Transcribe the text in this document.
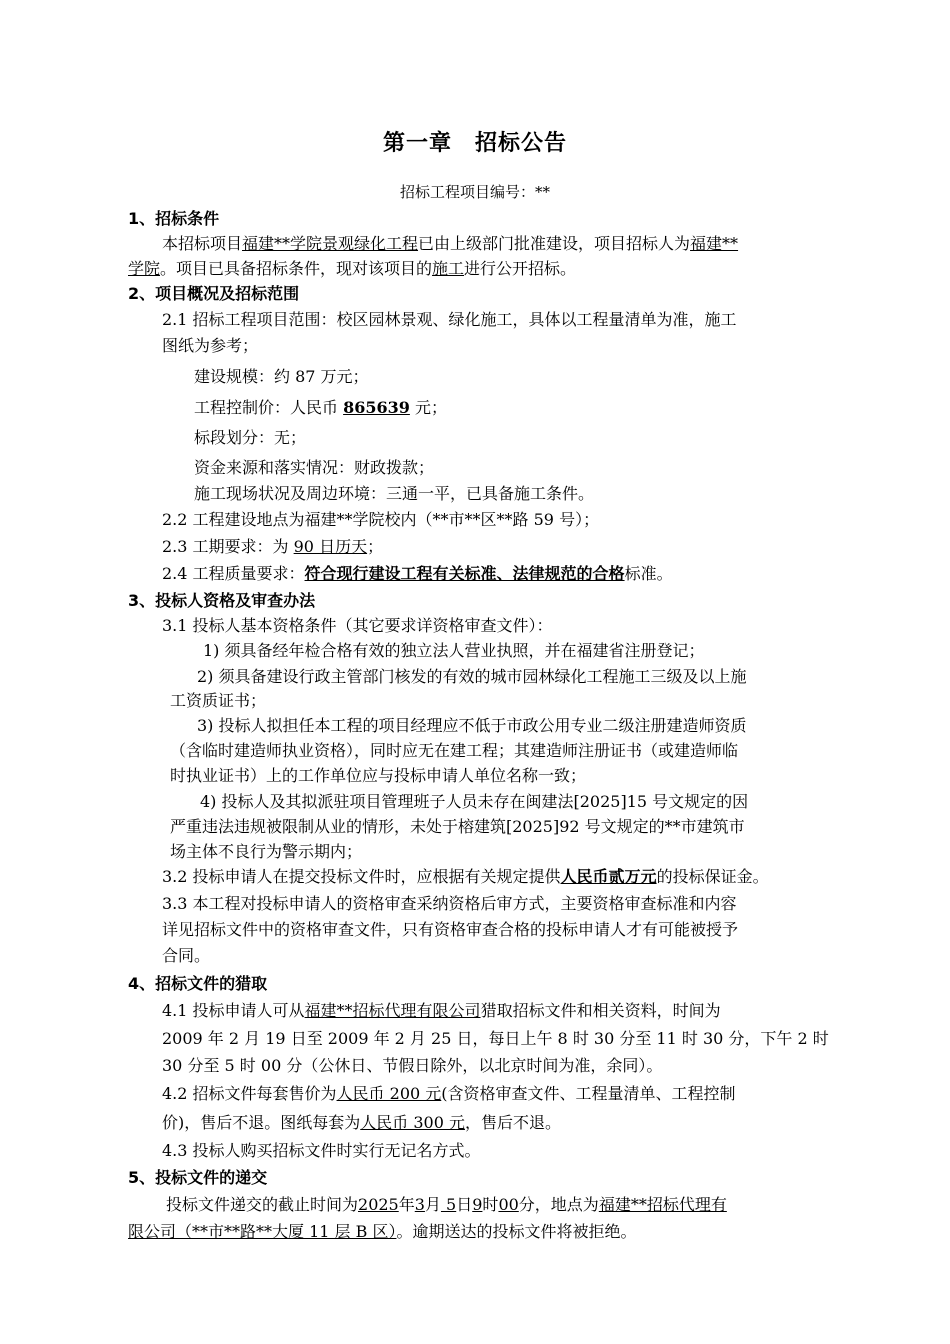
第一章　招标公告
招标工程项目编号：**
1、招标条件
本招标项目福建**学院景观绿化工程已由上级部门批准建设，项目招标人为福建**
学院。项目已具备招标条件，现对该项目的施工进行公开招标。
2、项目概况及招标范围
2.1 招标工程项目范围：校区园林景观、绿化施工，具体以工程量清单为准，施工
图纸为参考；
建设规模：约 87 万元；
工程控制价：人民币 865639 元；
标段划分：无；
资金来源和落实情况：财政拨款；
施工现场状况及周边环境：三通一平，已具备施工条件。
2.2 工程建设地点为福建**学院校内（**市**区**路 59 号）；
2.3 工期要求：为 90 日历天；
2.4 工程质量要求：符合现行建设工程有关标准、法律规范的合格标准。
3、投标人资格及审查办法
3.1 投标人基本资格条件（其它要求详资格审查文件）：
1) 须具备经年检合格有效的独立法人营业执照，并在福建省注册登记；
2) 须具备建设行政主管部门核发的有效的城市园林绿化工程施工三级及以上施
工资质证书；
3) 投标人拟担任本工程的项目经理应不低于市政公用专业二级注册建造师资质
（含临时建造师执业资格），同时应无在建工程；其建造师注册证书（或建造师临
时执业证书）上的工作单位应与投标申请人单位名称一致；
4) 投标人及其拟派驻项目管理班子人员未存在闽建法[2025]15 号文规定的因
严重违法违规被限制从业的情形，未处于榕建筑[2025]92 号文规定的**市建筑市
场主体不良行为警示期内；
3.2 投标申请人在提交投标文件时，应根据有关规定提供人民币贰万元的投标保证金。
3.3 本工程对投标申请人的资格审查采纳资格后审方式，主要资格审查标准和内容
详见招标文件中的资格审查文件，只有资格审查合格的投标申请人才有可能被授予
合同。
4、招标文件的猎取
4.1 投标申请人可从福建**招标代理有限公司猎取招标文件和相关资料，时间为
2009 年 2 月 19 日至 2009 年 2 月 25 日，每日上午 8 时 30 分至 11 时 30 分，下午 2 时
30 分至 5 时 00 分（公休日、节假日除外，以北京时间为准，余同）。
4.2 招标文件每套售价为人民币 200 元(含资格审查文件、工程量清单、工程控制
价)，售后不退。图纸每套为人民币 300 元，售后不退。
4.3 投标人购买招标文件时实行无记名方式。
5、投标文件的递交
投标文件递交的截止时间为2025年3月 5日9时00分，地点为福建**招标代理有
限公司（**市**路**大厦 11 层 B 区）。逾期送达的投标文件将被拒绝。
